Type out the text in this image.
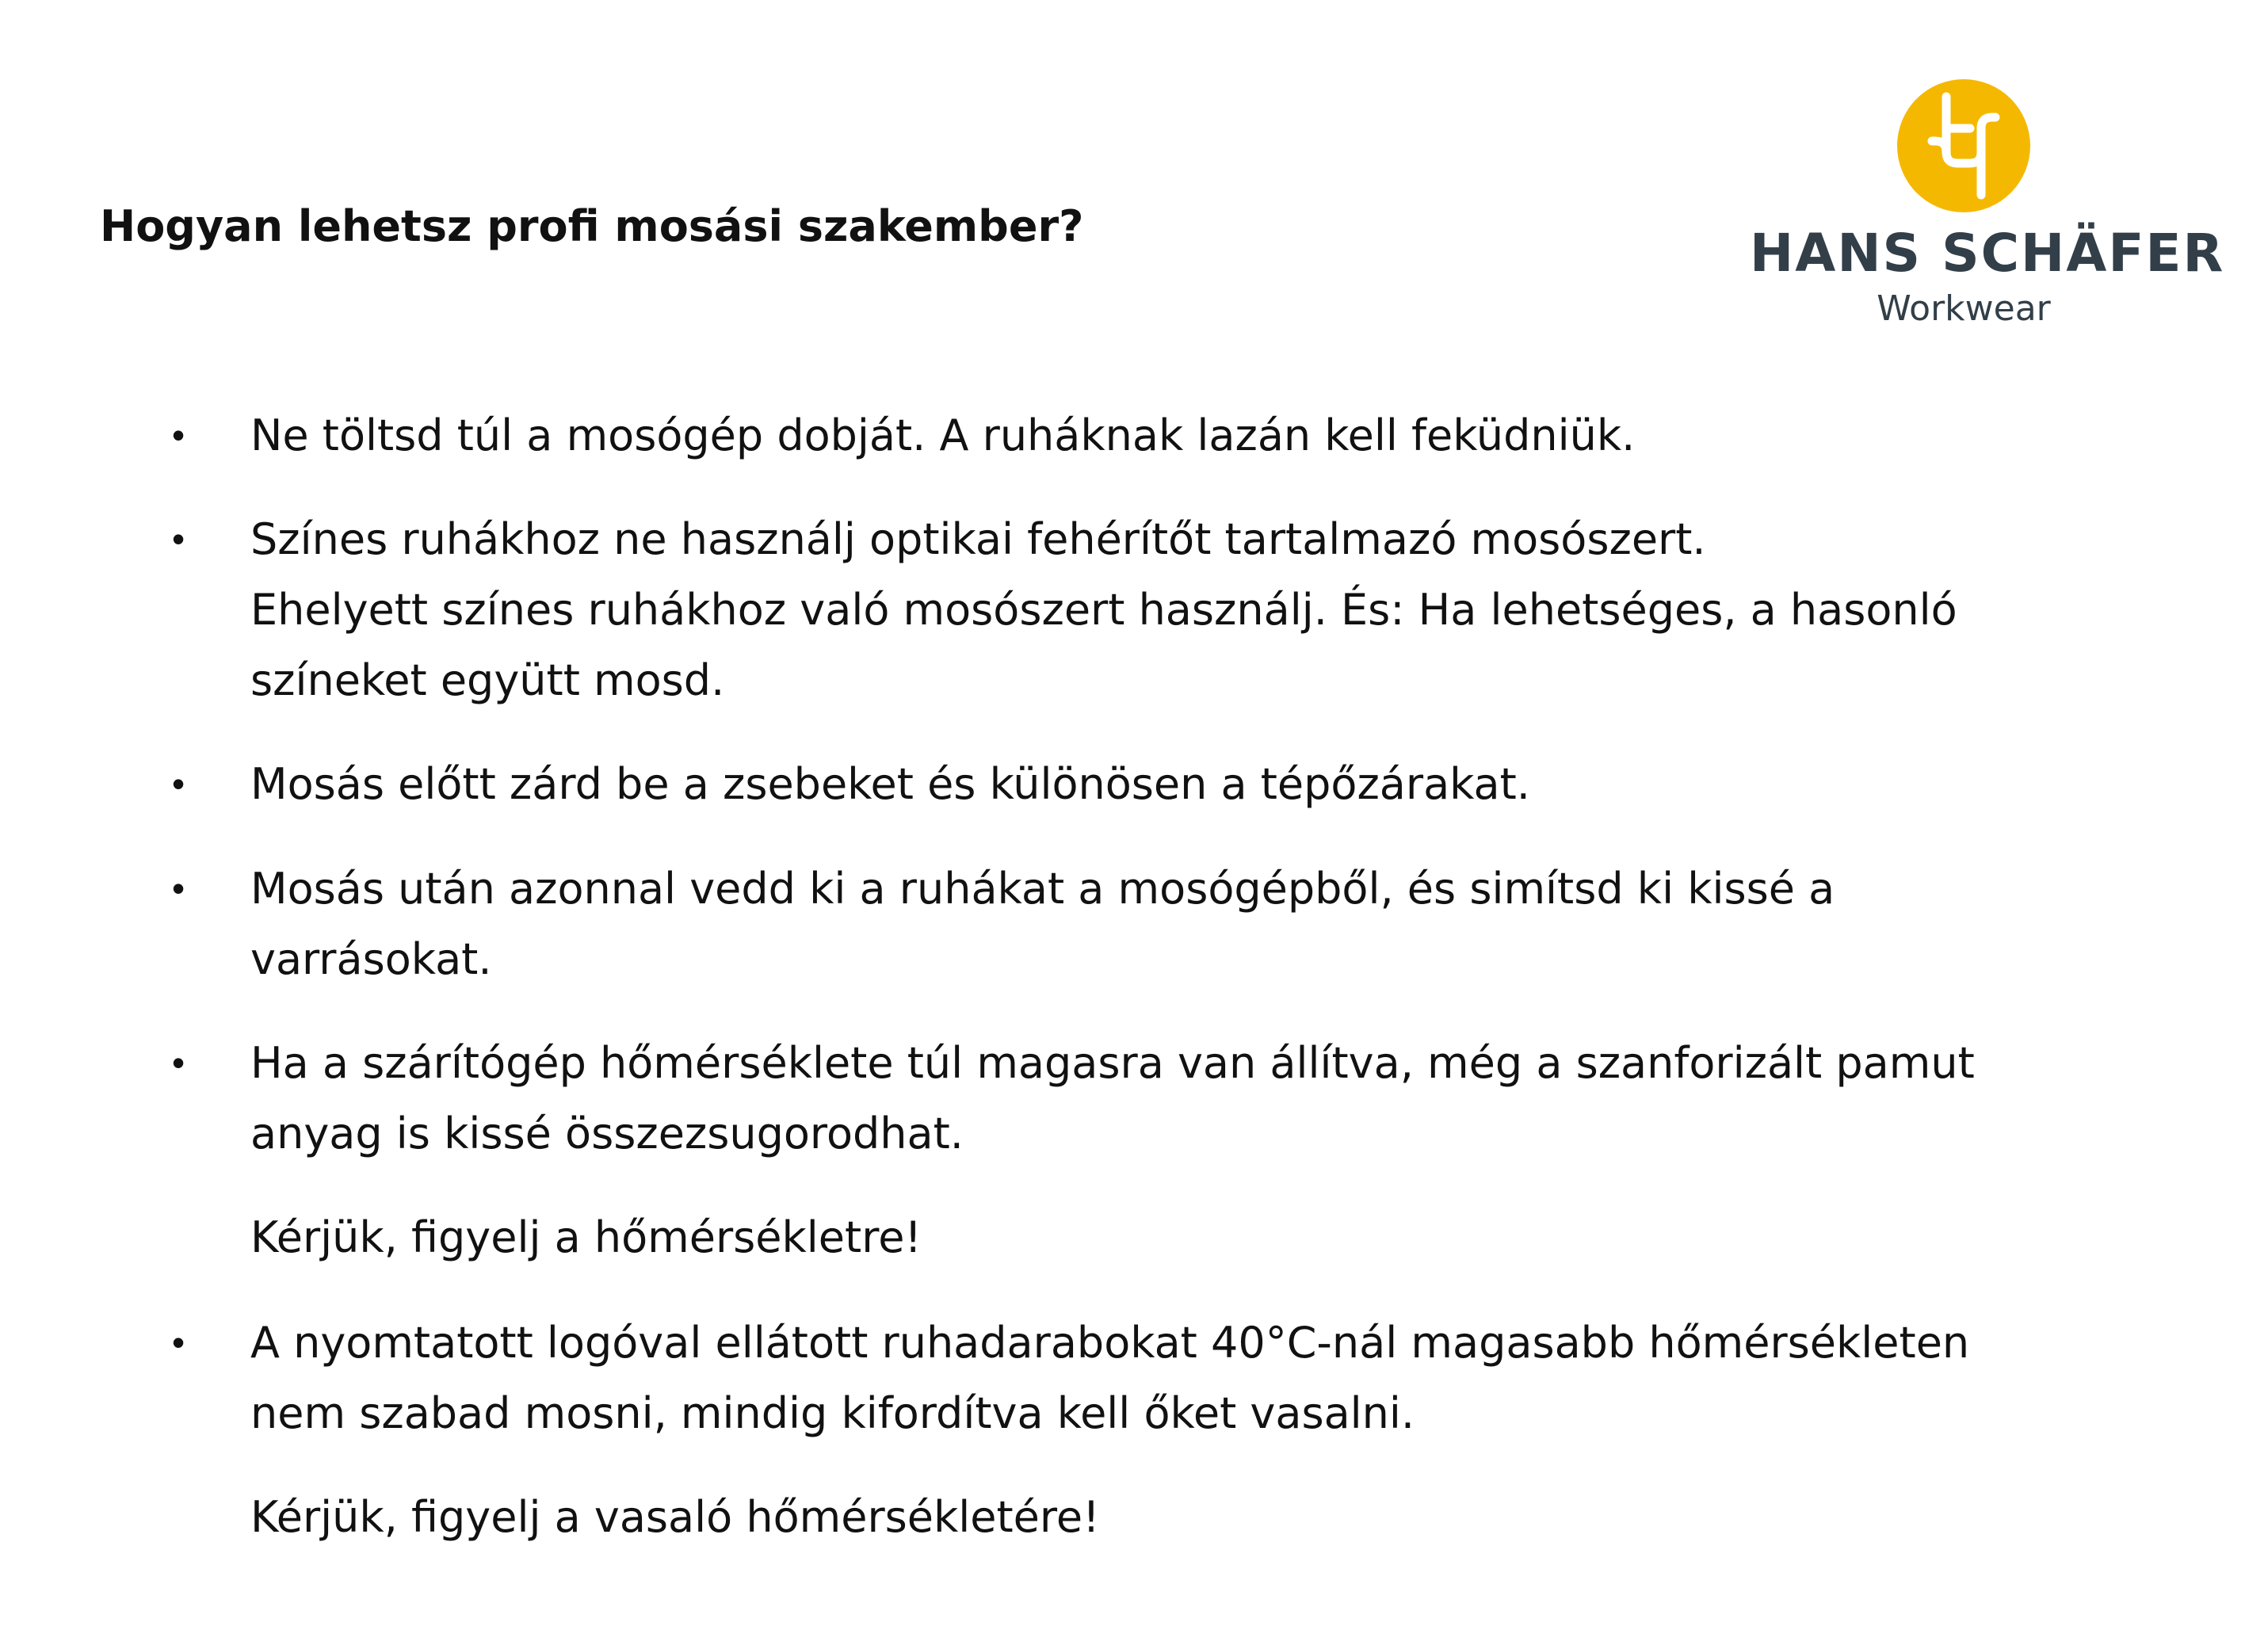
Hogyan lehetsz profi mosási szakember?	HANS SCHÄFER
Workwear
• Ne töltsd túl a mosógép dobját. A ruháknak lazán kell feküdniük.

• Színes ruhákhoz ne használj optikai fehérítőt tartalmazó mosószert.
Ehelyett színes ruhákhoz való mosószert használj. És: Ha lehetséges, a hasonló
színeket együtt mosd.

• Mosás előtt zárd be a zsebeket és különösen a tépőzárakat.

• Mosás után azonnal vedd ki a ruhákat a mosógépből, és simítsd ki kissé a
varrásokat.

• Ha a szárítógép hőmérséklete túl magasra van állítva, még a szanforizált pamut
anyag is kissé összezsugorodhat.

• A nyomtatott logóval ellátott ruhadarabokat 40°C-nál magasabb hőmérsékleten
nem szabad mosni, mindig kifordítva kell őket vasalni.

Kérjük, figyelj a hőmérsékletre!

Kérjük, figyelj a vasaló hőmérsékletére!
